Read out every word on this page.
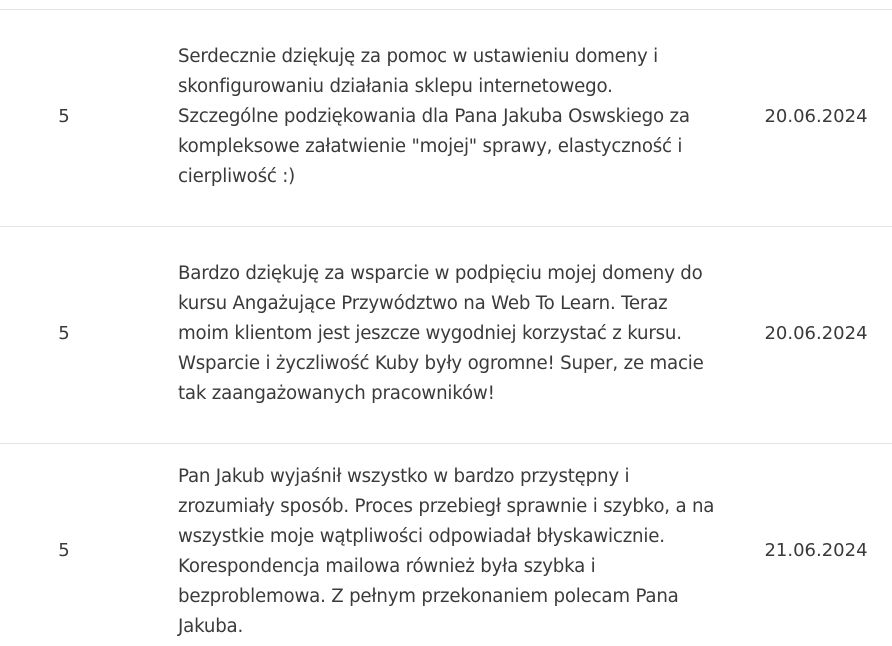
5
Serdecznie dziękuję za pomoc w ustawieniu domeny i skonfigurowaniu działania sklepu internetowego. Szczególne podziękowania dla Pana Jakuba Oswskiego za kompleksowe załatwienie "mojej" sprawy, elastyczność i cierpliwość :)
20.06.2024
5
Bardzo dziękuję za wsparcie w podpięciu mojej domeny do kursu Angażujące Przywództwo na Web To Learn. Teraz moim klientom jest jeszcze wygodniej korzystać z kursu. Wsparcie i życzliwość Kuby były ogromne! Super, ze macie tak zaangażowanych pracowników!
20.06.2024
5
Pan Jakub wyjaśnił wszystko w bardzo przystępny i zrozumiały sposób. Proces przebiegł sprawnie i szybko, a na wszystkie moje wątpliwości odpowiadał błyskawicznie. Korespondencja mailowa również była szybka i bezproblemowa. Z pełnym przekonaniem polecam Pana Jakuba.
21.06.2024
